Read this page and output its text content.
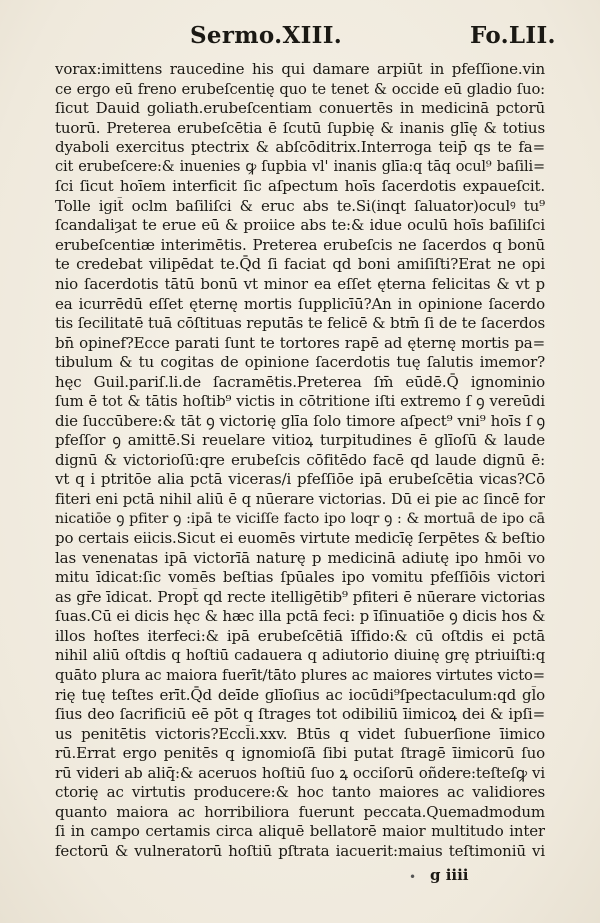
Sermo.XIII.	Fo.LII.
vorax:imittens raucedine his qui damare arpiūt in pfeſſione.vin
ce ergo eū freno erubeſcentię quo te tenet & occide eū gladio ſuo:
ſicut Dauid goliath.erubeſcentiam conuertēs in medicinā pctorū
tuorū. Preterea erubeſcētia ē ſcutū ſupbię & inanis glīę & totius
dyaboli exercitus ptectrix & abſcōditrix.Interroga teip̄ qs te fa=
cit erubeſcere:& inuenies ꝙ ſupbia vl' inanis glīa:q tāq ocul⁹ baſili=
ſci ſicut hoīem interficit ſic aſpectum hoīs ſacerdotis expaueſcit.
Tolle igit̄ oclm baſiliſci & eruc abs te.Si(inqt ſaluator)oculꝰ tu⁹
ſcandaliȝat te erue eū & proiice abs te:& idue oculū hoīs baſiliſci
erubeſcentiæ interimētis. Preterea erubeſcis ne ſacerdos q bonū
te credebat vilipēdat te.Q̄d ſi faciat qd boni amiſiſti?Erat ne opi
nio ſacerdotis tātū bonū vt minor ea eſſet ęterna felicitas & vt p
ea icurrēdū eſſet ęternę mortis ſupplicīū?An in opinione ſacerdo
tis ſecilitatē tuā cōſtituas reputās te felicē & btm̄ ſi de te ſacerdos
bn̄ opinef?Ecce parati ſunt te tortores rapē ad ęternę mortis pa=
tibulum & tu cogitas de opinione ſacerdotis tuę ſalutis imemor?
hęc Guil.pariſ.li.de ſacramētis.Preterea ſm̄ eūdē.Q̄ ignominio
ſum ē tot & tātis hoſtib⁹ victis in cōtritione iſti extremo ſ ꝯ vereūdi
die ſuccūbere:& tāt ꝯ victorię glīa ſolo timore aſpect⁹ vni⁹ hoīs ſ ꝯ
pfeſſor ꝯ amittē.Si reuelare vitioꝝ turpitudines ē glīoſū & laude
dignū & victorioſū:qre erubeſcis cōfitēdo facē qd laude dignū ē:
vt q i ptritōe alia pctā viceras/i pfeſſiōe ipā erubeſcētia vicas?Cō
fiteri eni pctā nihil aliū ē q nūerare victorias. Dū ei pie ac ſincē for
nicatiōe ꝯ pfiter ꝯ :ipā te viciſſe facto ipo loqr ꝯ : & mortuā de ipo cā
po certais eiicis.Sicut ei euomēs virtute medicīę ſerpētes & beſtio
las venenatas ipā victorīā naturę p medicinā adiutę ipo hmōi vo
mitu īdicat:ſic vomēs beſtias ſpūales ipo vomitu pfeſſiōis victori
as gr̄e īdicat. Propt̄ qd recte itelligētib⁹ pfiteri ē nūerare victorias
ſuas.Cū ei dicis hęc & hæc illa pctā feci: p īſinuatiōe ꝯ dicis hos &
illos hoſtes iterfeci:& ipā erubeſcētiā īſfido:& cū oſtdis ei pctā
nihil aliū oſtdis q hoſtiū cadauera q adiutorio diuinę grę ptriuiſti:q
quāto plura ac maiora fuerīt/tāto plures ac maiores virtutes victo=
rię tuę teſtes erīt.Q̄d deīde glīoſius ac iocūdi⁹ſpectaculum:qd gl̄o
ſius deo ſacrificiū eē pōt q ſtrages tot odibiliū īimicoꝝ dei & ipſi=
us penitētis victoris?Eccl̄i.xxv. Btūs q videt ſubuerſione īimico
rū.Errat ergo penitēs q ignomioſā ſibi putat ſtragē īimicorū ſuo
rū videri ab aliq̄:& aceruos hoſtiū ſuo ꝝ occiſorū oñdere:teſteſꝙ vi
ctorię ac virtutis producere:& hoc tanto maiores ac validiores
quanto maiora ac horribiliora fuerunt peccata.Quemadmodum
ſi in campo certamis circa aliquē bellatorē maior multitudo inter
fectorū & vulneratorū hoſtiū pſtrata iacuerit:maius teſtimoniū vi
• g iiii
